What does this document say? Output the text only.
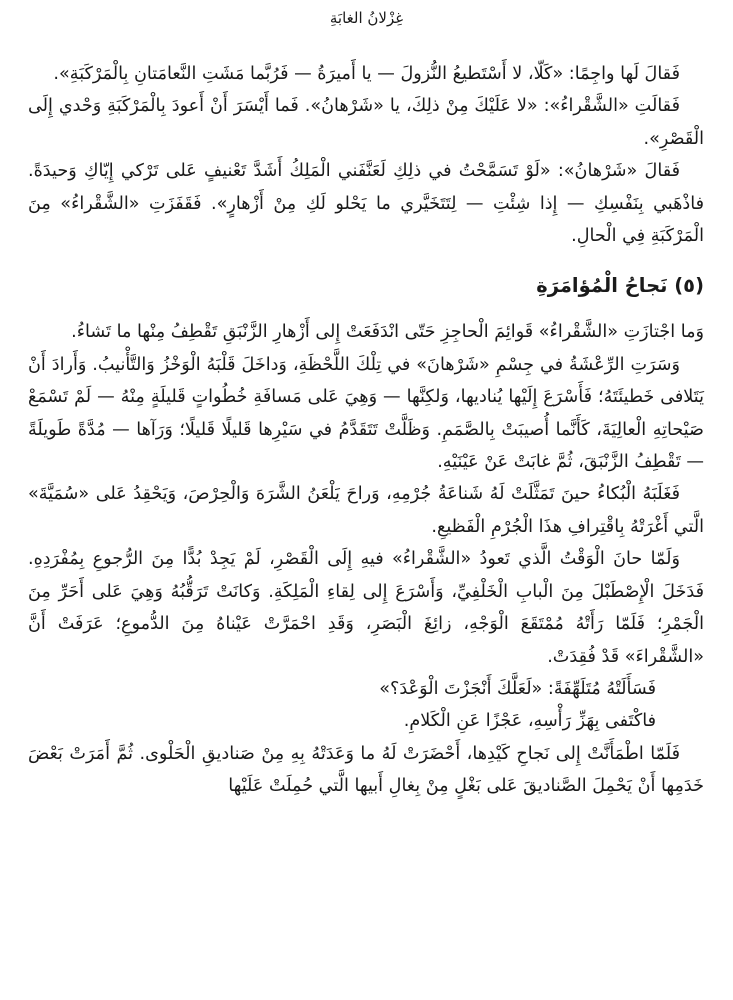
غِزْلانُ الغابَةِ

فَقالَ لَها واجِمًا: «كَلّا، لا أَسْتَطيعُ النُّزولَ — يا أَميرَةُ — فَرُبَّما مَشَتِ النَّعامَتانِ بِالْمَرْكَبَةِ».

فَقالَتِ «الشَّقْراءُ»: «لا عَلَيْكَ مِنْ ذلِكَ، يا «شَرْهانُ». فَما أَيْسَرَ أَنْ أَعودَ بِالْمَرْكَبَةِ وَحْدي إِلَى الْقَصْرِ».

فَقالَ «شَرْهانُ»: «لَوْ تَسَمَّحْتُ في ذلِكِ لَعَنَّفَني الْمَلِكُ أَشَدَّ تَعْنيفٍ عَلى تَرْكي إِيّاكِ وَحيدَةً. فاذْهَبي بِنَفْسِكِ — إِذا شِئْتِ — لِتَتَخَيَّري ما يَحْلو لَكِ مِنْ أَزْهارٍ». فَقَفَزَتِ «الشَّقْراءُ» مِنَ الْمَرْكَبَةِ فِي الْحالِ.

(٥) نَجاحُ الْمُؤامَرَةِ

وَما اجْتازَتِ «الشَّقْراءُ» قَوائِمَ الْحاجِزِ حَتّى انْدَفَعَتْ إِلى أَزْهارِ الزَّنْبَقِ تَقْطِفُ مِنْها ما تَشاءُ.

وَسَرَتِ الرِّعْشَةُ في جِسْمِ «شَرْهانَ» في تِلْكَ اللَّحْظَةِ، وَداخَلَ قَلْبَهُ الْوَخْزُ وَالتَّأْنيبُ. وَأَرادَ أَنْ يَتَلافى خَطيئَتَهُ؛ فَأَسْرَعَ إِلَيْها يُناديها، وَلكِنَّها — وَهِيَ عَلى مَسافَةِ خُطُواتٍ قَليلَةٍ مِنْهُ — لَمْ تَسْمَعْ صَيْحاتِهِ الْعالِيَةَ، كَأَنَّما أُصيبَتْ بِالصَّمَمِ. وَظَلَّتْ تَتَقَدَّمُ في سَيْرِها قَليلًا قَليلًا؛ وَرَآها — مُدَّةً طَويلَةً — تَقْطِفُ الزَّنْبَقَ، ثُمَّ غابَتْ عَنْ عَيْنَيْهِ.

فَغَلَبَهُ الْبُكاءُ حينَ تَمَثَّلَتْ لَهُ شَناعَةُ جُرْمِهِ، وَراحَ يَلْعَنُ الشَّرَهَ وَالْحِرْصَ، وَيَحْقِدُ عَلى «سُمَيَّةَ» الَّتي أَغْرَتْهُ بِاقْتِرافِ هذَا الْجُرْمِ الْفَظيعِ.

وَلَمّا حانَ الْوَقْتُ الَّذي تَعودُ «الشَّقْراءُ» فيهِ إِلَى الْقَصْرِ، لَمْ يَجِدْ بُدًّا مِنَ الرُّجوعِ بِمُفْرَدِهِ. فَدَخَلَ الْإِصْطَبْلَ مِنَ الْبابِ الْخَلْفِيِّ، وَأَسْرَعَ إِلى لِقاءِ الْمَلِكَةِ. وَكانَتْ تَرَقُّبُهُ وَهِيَ عَلى أَحَرِّ مِنَ الْجَمْرِ؛ فَلَمّا رَأَتْهُ مُمْتَقَعَ الْوَجْهِ، زائِغَ الْبَصَرِ، وَقَدِ احْمَرَّتْ عَيْناهُ مِنَ الدُّموعِ؛ عَرَفَتْ أَنَّ «الشَّقْراءَ» قَدْ فُقِدَتْ.

فَسَأَلَتْهُ مُتَلَهِّفَةً: «لَعَلَّكَ أَنْجَزْتَ الْوَعْدَ؟»

فاكْتَفى بِهَزِّ رَأْسِهِ، عَجْزًا عَنِ الْكَلامِ.

فَلَمّا اطْمَأَنَّتْ إِلى نَجاحِ كَيْدِها، أَحْضَرَتْ لَهُ ما وَعَدَتْهُ بِهِ مِنْ صَناديقِ الْحَلْوى. ثُمَّ أَمَرَتْ بَعْضَ خَدَمِها أَنْ يَحْمِلَ الصَّناديقَ عَلى بَغْلٍ مِنْ بِغالِ أَبيها الَّتي حُمِلَتْ عَلَيْها
